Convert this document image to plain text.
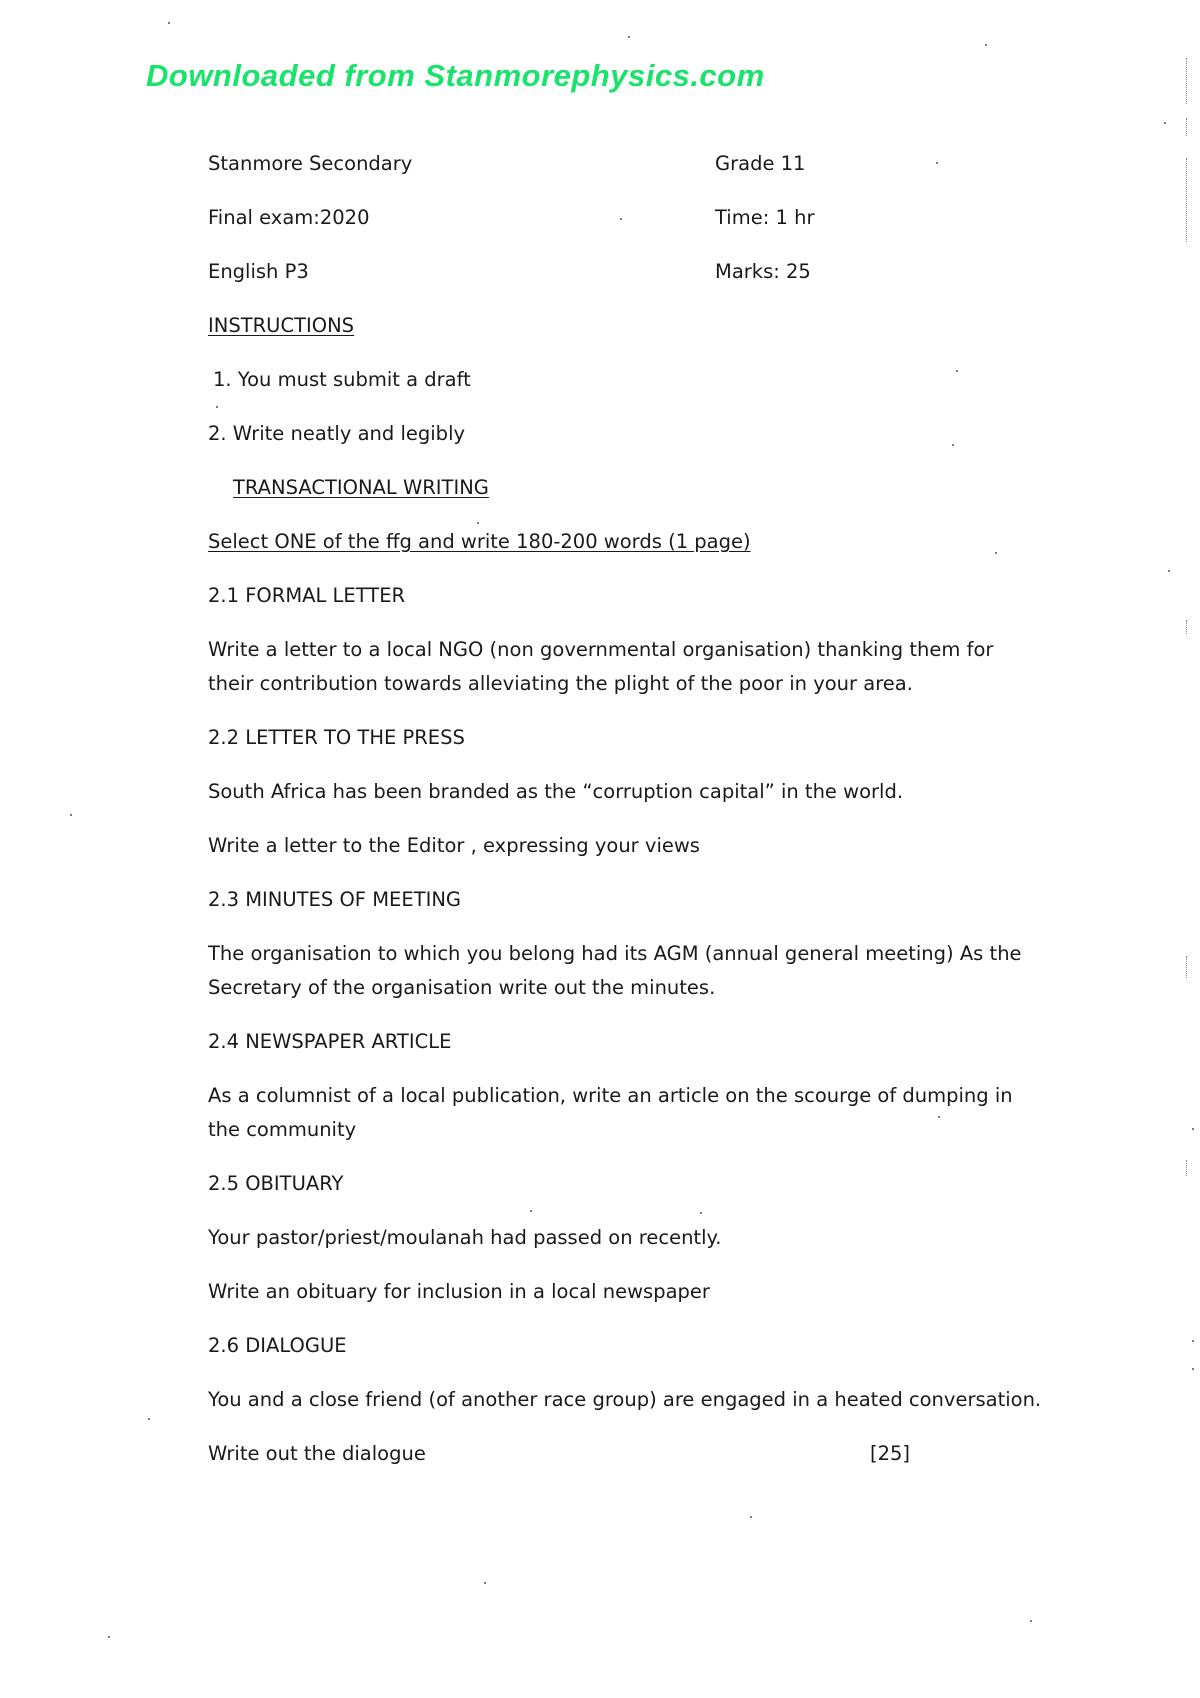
Downloaded from Stanmorephysics.com
Stanmore Secondary	Grade 11
Final exam:2020	Time: 1 hr
English P3	Marks: 25
INSTRUCTIONS
1. You must submit a draft
2. Write neatly and legibly
TRANSACTIONAL WRITING
Select ONE of the ffg and write 180-200 words (1 page)
2.1 FORMAL LETTER
Write a letter to a local NGO (non governmental organisation) thanking them for
their contribution towards alleviating the plight of the poor in your area.
2.2 LETTER TO THE PRESS
South Africa has been branded as the “corruption capital” in the world.
Write a letter to the Editor , expressing your views
2.3 MINUTES OF MEETING
The organisation to which you belong had its AGM (annual general meeting) As the
Secretary of the organisation write out the minutes.
2.4 NEWSPAPER ARTICLE
As a columnist of a local publication, write an article on the scourge of dumping in
the community
2.5 OBITUARY
Your pastor/priest/moulanah had passed on recently.
Write an obituary for inclusion in a local newspaper
2.6 DIALOGUE
You and a close friend (of another race group) are engaged in a heated conversation.
Write out the dialogue	[25]
